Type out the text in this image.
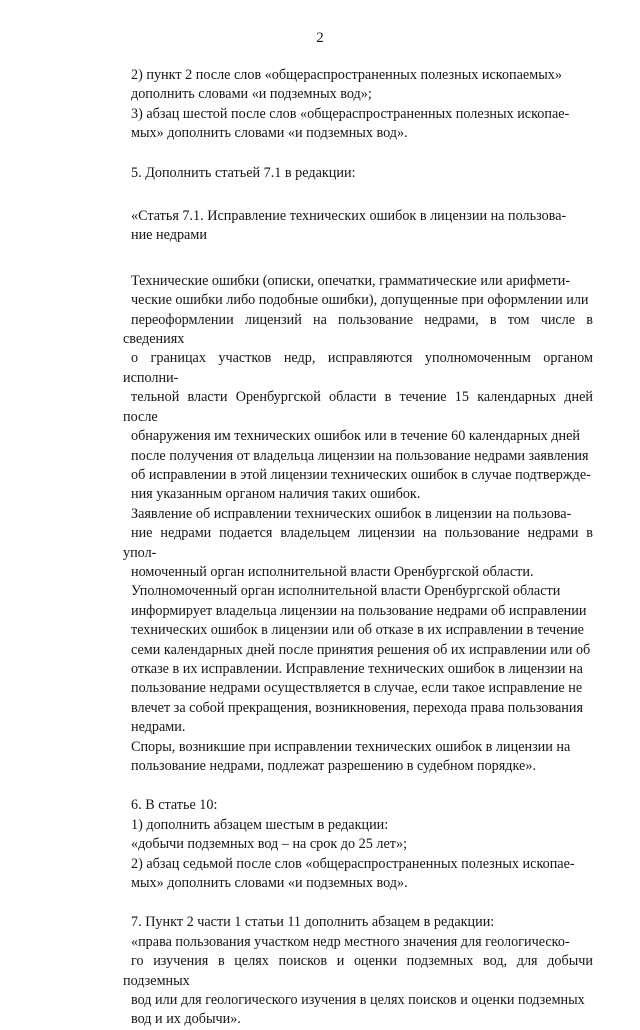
2
2) пункт 2 после слов «общераспространенных полезных ископаемых»
дополнить словами «и подземных вод»;
3) абзац шестой после слов «общераспространенных полезных ископае-
мых» дополнить словами «и подземных вод».
5. Дополнить статьей 7.1 в редакции:
«Статья 7.1. Исправление технических ошибок в лицензии на пользова-
ние недрами
Технические ошибки (описки, опечатки, грамматические или арифмети-
ческие ошибки либо подобные ошибки), допущенные при оформлении или
переоформлении лицензий на пользование недрами, в том числе в сведениях
о границах участков недр, исправляются уполномоченным органом исполни-
тельной власти Оренбургской области в течение 15 календарных дней после
обнаружения им технических ошибок или в течение 60 календарных дней
после получения от владельца лицензии на пользование недрами заявления
об исправлении в этой лицензии технических ошибок в случае подтвержде-
ния указанным органом наличия таких ошибок.
Заявление об исправлении технических ошибок в лицензии на пользова-
ние недрами подается владельцем лицензии на пользование недрами в упол-
номоченный орган исполнительной власти Оренбургской области.
Уполномоченный орган исполнительной власти Оренбургской области
информирует владельца лицензии на пользование недрами об исправлении
технических ошибок в лицензии или об отказе в их исправлении в течение
семи календарных дней после принятия решения об их исправлении или об
отказе в их исправлении. Исправление технических ошибок в лицензии на
пользование недрами осуществляется в случае, если такое исправление не
влечет за собой прекращения, возникновения, перехода права пользования
недрами.
Споры, возникшие при исправлении технических ошибок в лицензии на
пользование недрами, подлежат разрешению в судебном порядке».
6. В статье 10:
1) дополнить абзацем шестым в редакции:
«добычи подземных вод – на срок до 25 лет»;
2) абзац седьмой после слов «общераспространенных полезных ископае-
мых» дополнить словами «и подземных вод».
7. Пункт 2 части 1 статьи 11 дополнить абзацем в редакции:
«права пользования участком недр местного значения для геологическо-
го изучения в целях поисков и оценки подземных вод, для добычи подземных
вод или для геологического изучения в целях поисков и оценки подземных
вод и их добычи».
